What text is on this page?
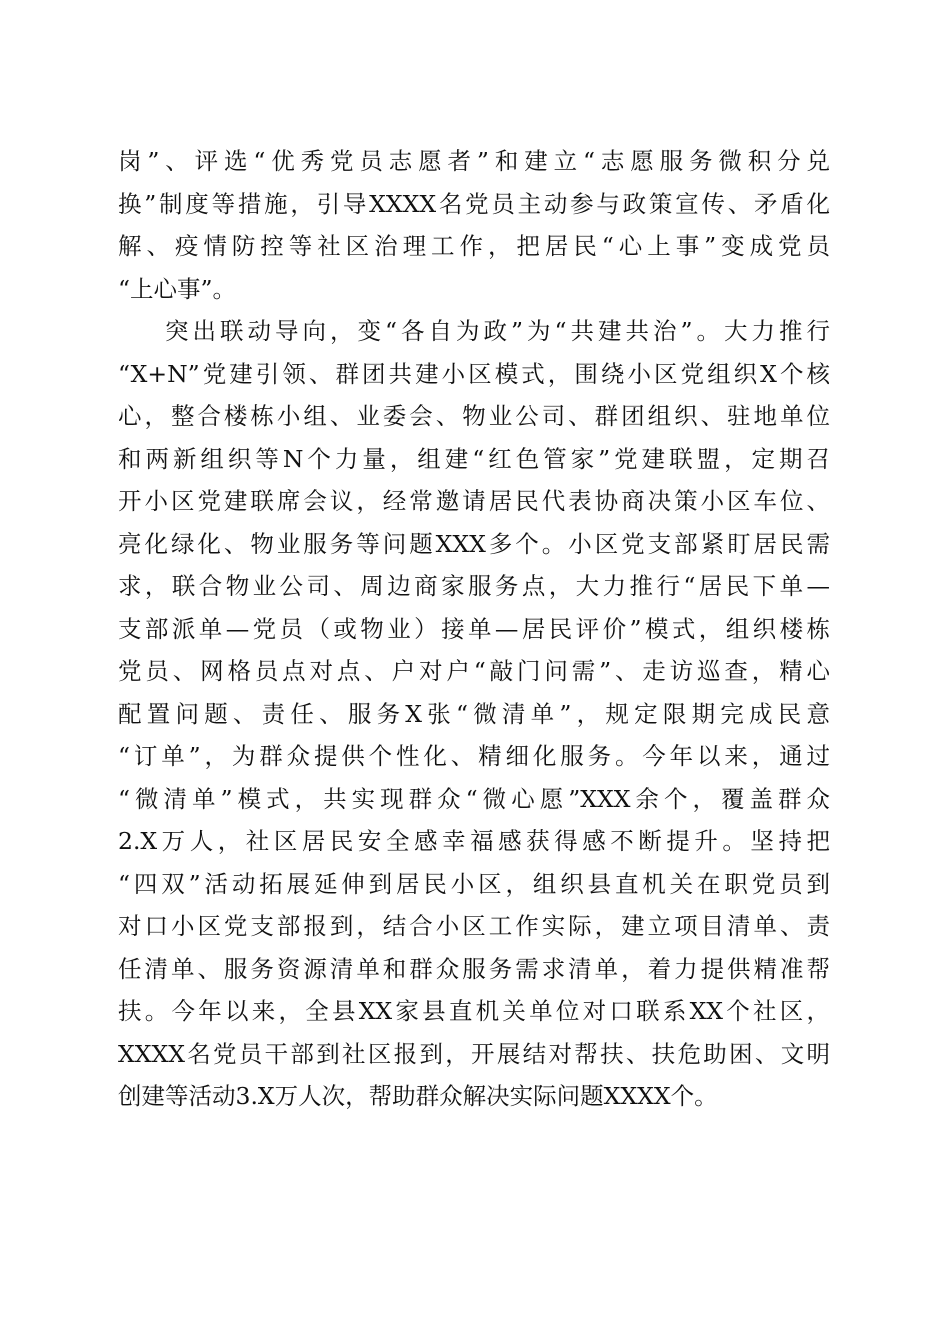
岗”、评选“优秀党员志愿者”和建立“志愿服务微积分兑
换”制度等措施，引导XXXX名党员主动参与政策宣传、矛盾化
解、疫情防控等社区治理工作，把居民“心上事”变成党员
“上心事”。
突出联动导向，变“各自为政”为“共建共治”。大力推行
“X+N”党建引领、群团共建小区模式，围绕小区党组织X个核
心，整合楼栋小组、业委会、物业公司、群团组织、驻地单位
和两新组织等N个力量，组建“红色管家”党建联盟，定期召
开小区党建联席会议，经常邀请居民代表协商决策小区车位、
亮化绿化、物业服务等问题XXX多个。小区党支部紧盯居民需
求，联合物业公司、周边商家服务点，大力推行“居民下单—
支部派单—党员（或物业）接单—居民评价”模式，组织楼栋
党员、网格员点对点、户对户“敲门问需”、走访巡查，精心
配置问题、责任、服务X张“微清单”，规定限期完成民意
“订单”，为群众提供个性化、精细化服务。今年以来，通过
“微清单”模式，共实现群众“微心愿”XXX余个，覆盖群众
2.X万人，社区居民安全感幸福感获得感不断提升。坚持把
“四双”活动拓展延伸到居民小区，组织县直机关在职党员到
对口小区党支部报到，结合小区工作实际，建立项目清单、责
任清单、服务资源清单和群众服务需求清单，着力提供精准帮
扶。今年以来，全县XX家县直机关单位对口联系XX个社区，
XXXX名党员干部到社区报到，开展结对帮扶、扶危助困、文明
创建等活动3.X万人次，帮助群众解决实际问题XXXX个。
